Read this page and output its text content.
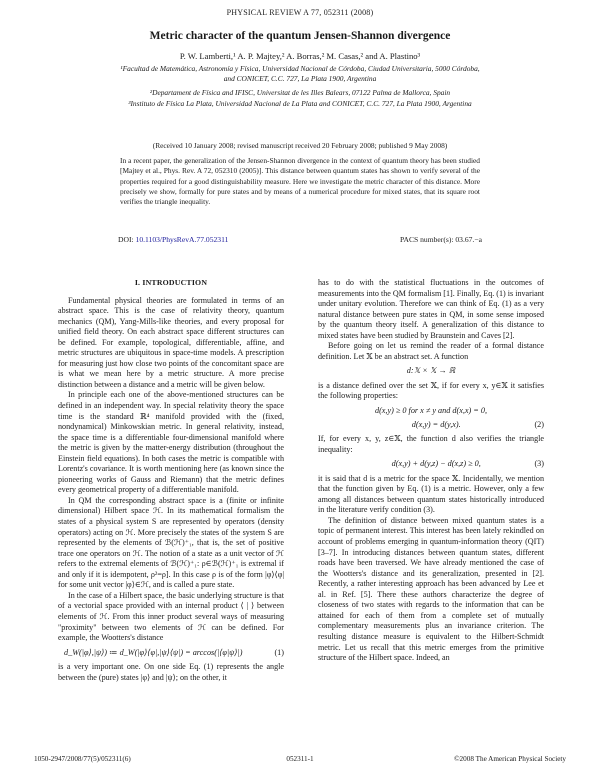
PHYSICAL REVIEW A 77, 052311 (2008)
Metric character of the quantum Jensen-Shannon divergence
P. W. Lamberti,¹ A. P. Majtey,² A. Borras,² M. Casas,² and A. Plastino³
¹Facultad de Matemática, Astronomía y Física, Universidad Nacional de Córdoba, Ciudad Universitaria, 5000 Córdoba,
and CONICET, C.C. 727, La Plata 1900, Argentina
²Departament de Física and IFISC, Universitat de les Illes Balears, 07122 Palma de Mallorca, Spain
³Instituto de Física La Plata, Universidad Nacional de La Plata and CONICET, C.C. 727, La Plata 1900, Argentina
(Received 10 January 2008; revised manuscript received 20 February 2008; published 9 May 2008)
In a recent paper, the generalization of the Jensen-Shannon divergence in the context of quantum theory has been studied [Majtey et al., Phys. Rev. A 72, 052310 (2005)]. This distance between quantum states has shown to verify several of the properties required for a good distinguishability measure. Here we investigate the metric character of this distance. More precisely we show, formally for pure states and by means of a numerical procedure for mixed states, that its square root verifies the triangle inequality.
DOI: 10.1103/PhysRevA.77.052311	PACS number(s): 03.67.−a
I. INTRODUCTION

Fundamental physical theories are formulated in terms of an abstract space. This is the case of relativity theory, quantum mechanics (QM), Yang-Mills-like theories, and every proposal for unified field theory. On each abstract space different structures can be defined. For example, topological, differentiable, affine, and metric structures are ubiquitous in space-time models. A prescription for measuring just how close two points of the concomitant space are is what we mean here by a metric structure. A more precise distinction between a distance and a metric will be given below.

In principle each one of the above-mentioned structures can be defined in an independent way. In special relativity theory the space time is the standard ℝ⁴ manifold provided with the (fixed, nondynamical) Minkowskian metric. In general relativity, instead, the space time is a differentiable four-dimensional manifold where the metric is given by the matter-energy distribution (throughout the Einstein field equations). In both cases the metric is compatible with Lorentz's covariance. It is worth mentioning here (as known since the pioneering works of Gauss and Riemann) that the metric defines every geometrical property of a differentiable manifold.

In QM the corresponding abstract space is a (finite or infinite dimensional) Hilbert space ℋ. In its mathematical formalism the states of a physical system S are represented by operators (density operators) acting on ℋ. More precisely the states of the system S are represented by the elements of ℬ(ℋ)⁺₁, that is, the set of positive trace one operators on ℋ. The notion of a state as a unit vector of ℋ refers to the extremal elements of ℬ(ℋ)⁺₁: ρ∈ℬ(ℋ)⁺₁ is extremal if and only if it is idempotent, ρ²=ρ]. In this case ρ is of the form |φ⟩⟨φ| for some unit vector |φ⟩∈ℋ, and is called a pure state.

In the case of a Hilbert space, the basic underlying structure is that of a vectorial space provided with an internal product ⟨ | ⟩ between elements of ℋ. From this inner product several ways of measuring "proximity" between two elements of ℋ can be defined. For example, the Wootters's distance

d_W(|φ⟩,|ψ⟩) ≔ d_W(|φ⟩⟨φ|,|ψ⟩⟨ψ|) = arccos(|⟨φ|ψ⟩|)	(1)

is a very important one. On one side Eq. (1) represents the angle between the (pure) states |φ⟩ and |ψ⟩; on the other, it

has to do with the statistical fluctuations in the outcomes of measurements into the QM formalism [1]. Finally, Eq. (1) is invariant under unitary evolution. Therefore we can think of Eq. (1) as a very natural distance between pure states in QM, in some sense imposed by the quantum theory itself. A generalization of this distance to mixed states have been studied by Braunstein and Caves [2].

Before going on let us remind the reader of a formal distance definition. Let 𝕏 be an abstract set. A function

d:𝕏 × 𝕏 → ℝ

is a distance defined over the set 𝕏, if for every x, y∈𝕏 it satisfies the following properties:

d(x,y) ≥ 0 for x ≠ y and d(x,x) = 0,
d(x,y) = d(y,x).	(2)

If, for every x, y, z∈𝕏, the function d also verifies the triangle inequality:

d(x,y) + d(y,z) − d(x,z) ≥ 0,	(3)

it is said that d is a metric for the space 𝕏. Incidentally, we mention that the function given by Eq. (1) is a metric. However, only a few among all distances between quantum states historically introduced in the literature verify condition (3).

The definition of distance between mixed quantum states is a topic of permanent interest. This interest has been lately rekindled on account of problems emerging in quantum-information theory (QIT) [3–7]. In introducing distances between quantum states, different roads have been traversed. We have already mentioned the case of the Wootters's distance and its generalization, presented in [2]. Recently, a rather interesting approach has been advanced by Lee et al. in Ref. [5]. There these authors characterize the degree of closeness of two states with regards to the information that can be attained for each of them from a complete set of mutually complementary measurements plus an invariance criterion. The resulting distance measure is equivalent to the Hilbert-Schmidt metric. Let us recall that this metric emerges from the primitive structure of the Hilbert space. Indeed, an

1050-2947/2008/77(5)/052311(6)	052311-1	©2008 The American Physical Society
